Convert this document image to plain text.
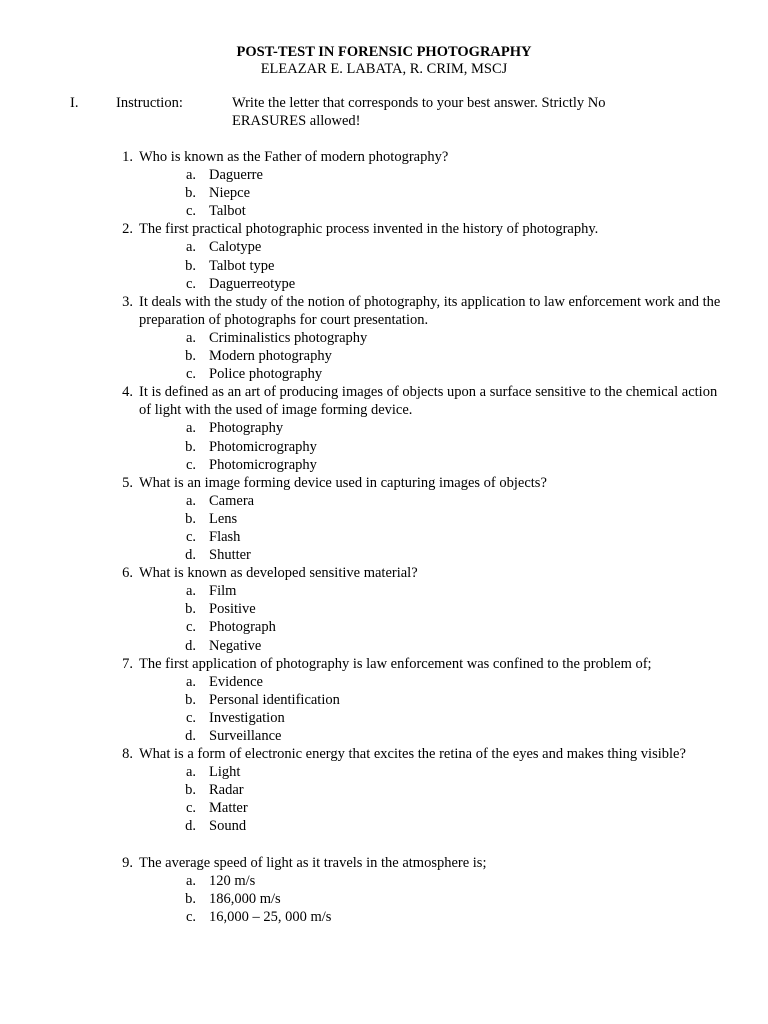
POST-TEST IN FORENSIC PHOTOGRAPHY
ELEAZAR E. LABATA, R. CRIM, MSCJ
I.	Instruction:	Write the letter that corresponds to your best answer. Strictly No ERASURES allowed!
1. Who is known as the Father of modern photography?
a. Daguerre
b. Niepce
c. Talbot
2. The first practical photographic process invented in the history of photography.
a. Calotype
b. Talbot type
c. Daguerreotype
3. It deals with the study of the notion of photography, its application to law enforcement work and the preparation of photographs for court presentation.
a. Criminalistics photography
b. Modern photography
c. Police photography
4. It is defined as an art of producing images of objects upon a surface sensitive to the chemical action of light with the used of image forming device.
a. Photography
b. Photomicrography
c. Photomicrography
5. What is an image forming device used in capturing images of objects?
a. Camera
b. Lens
c. Flash
d. Shutter
6. What is known as developed sensitive material?
a. Film
b. Positive
c. Photograph
d. Negative
7. The first application of photography is law enforcement was confined to the problem of;
a. Evidence
b. Personal identification
c. Investigation
d. Surveillance
8. What is a form of electronic energy that excites the retina of the eyes and makes thing visible?
a. Light
b. Radar
c. Matter
d. Sound
9. The average speed of light as it travels in the atmosphere is;
a. 120 m/s
b. 186,000 m/s
c. 16,000 – 25, 000 m/s
